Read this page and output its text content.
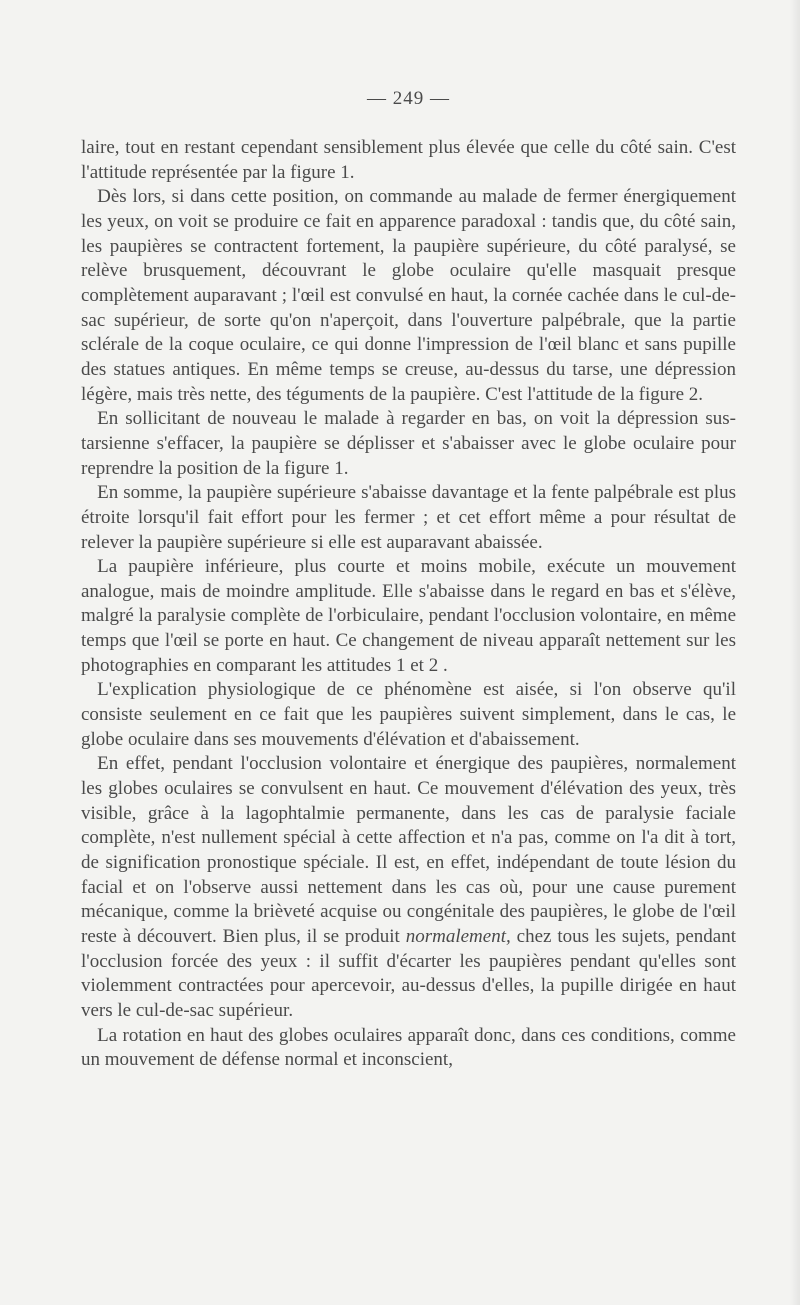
— 249 —

laire, tout en restant cependant sensiblement plus élevée que celle du côté sain. C'est l'attitude représentée par la figure 1.

Dès lors, si dans cette position, on commande au malade de fermer énergiquement les yeux, on voit se produire ce fait en apparence paradoxal : tandis que, du côté sain, les paupières se contractent fortement, la paupière supérieure, du côté paralysé, se relève brusquement, découvrant le globe oculaire qu'elle masquait presque complètement auparavant ; l'œil est convulsé en haut, la cornée cachée dans le cul-de-sac supérieur, de sorte qu'on n'aperçoit, dans l'ouverture palpébrale, que la partie sclérale de la coque oculaire, ce qui donne l'impression de l'œil blanc et sans pupille des statues antiques. En même temps se creuse, au-dessus du tarse, une dépression légère, mais très nette, des téguments de la paupière. C'est l'attitude de la figure 2.

En sollicitant de nouveau le malade à regarder en bas, on voit la dépression sus-tarsienne s'effacer, la paupière se déplisser et s'abaisser avec le globe oculaire pour reprendre la position de la figure 1.

En somme, la paupière supérieure s'abaisse davantage et la fente palpébrale est plus étroite lorsqu'il fait effort pour les fermer ; et cet effort même a pour résultat de relever la paupière supérieure si elle est auparavant abaissée.

La paupière inférieure, plus courte et moins mobile, exécute un mouvement analogue, mais de moindre amplitude. Elle s'abaisse dans le regard en bas et s'élève, malgré la paralysie complète de l'orbiculaire, pendant l'occlusion volontaire, en même temps que l'œil se porte en haut. Ce changement de niveau apparaît nettement sur les photographies en comparant les attitudes 1 et 2 .

L'explication physiologique de ce phénomène est aisée, si l'on observe qu'il consiste seulement en ce fait que les paupières suivent simplement, dans le cas, le globe oculaire dans ses mouvements d'élévation et d'abaissement.

En effet, pendant l'occlusion volontaire et énergique des paupières, normalement les globes oculaires se convulsent en haut. Ce mouvement d'élévation des yeux, très visible, grâce à la lagophtalmie permanente, dans les cas de paralysie faciale complète, n'est nullement spécial à cette affection et n'a pas, comme on l'a dit à tort, de signification pronostique spéciale. Il est, en effet, indépendant de toute lésion du facial et on l'observe aussi nettement dans les cas où, pour une cause purement mécanique, comme la brièveté acquise ou congénitale des paupières, le globe de l'œil reste à découvert. Bien plus, il se produit normalement, chez tous les sujets, pendant l'occlusion forcée des yeux : il suffit d'écarter les paupières pendant qu'elles sont violemment contractées pour apercevoir, au-dessus d'elles, la pupille dirigée en haut vers le cul-de-sac supérieur.

La rotation en haut des globes oculaires apparaît donc, dans ces conditions, comme un mouvement de défense normal et inconscient,
